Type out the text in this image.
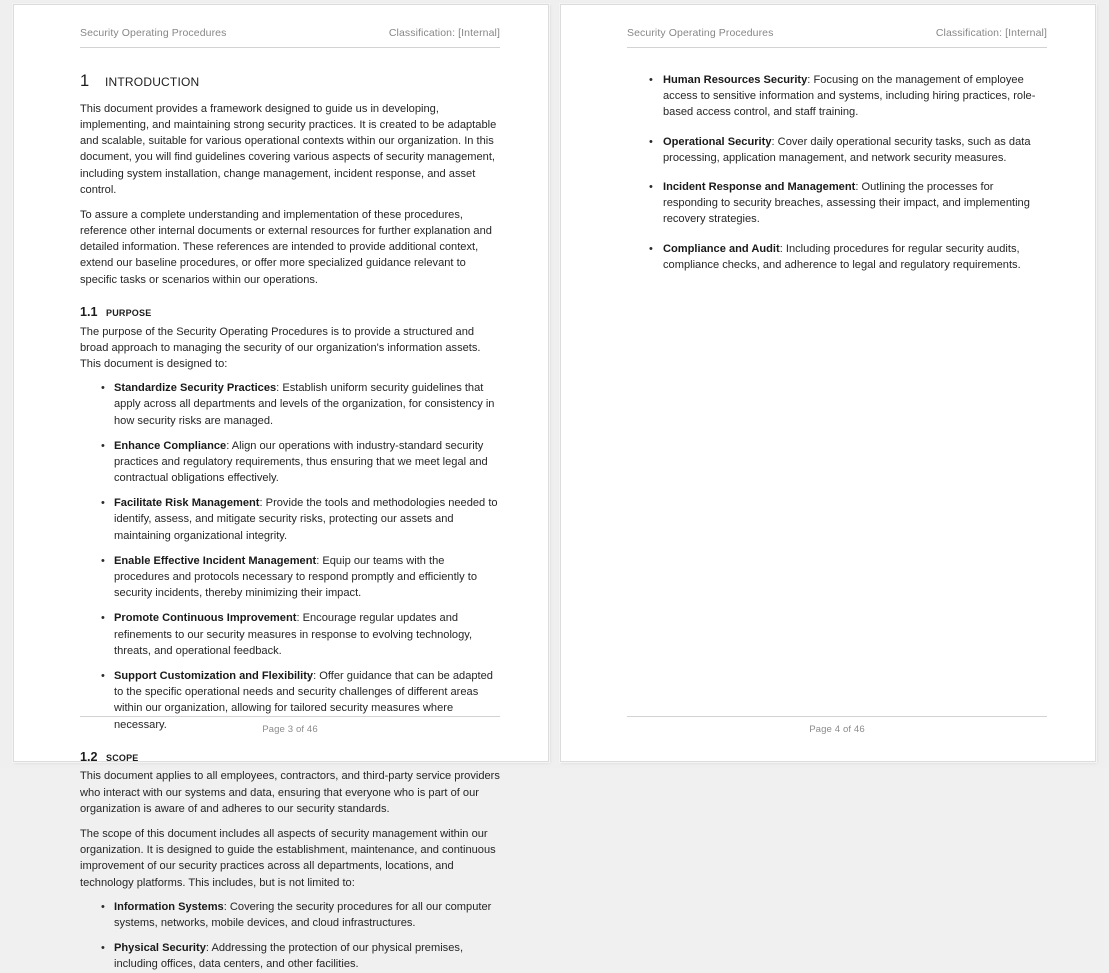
Security Operating Procedures	Classification: [Internal]
1 introduction

This document provides a framework designed to guide us in developing, implementing, and maintaining strong security practices. It is created to be adaptable and scalable, suitable for various operational contexts within our organization. In this document, you will find guidelines covering various aspects of security management, including system installation, change management, incident response, and asset control.

To assure a complete understanding and implementation of these procedures, reference other internal documents or external resources for further explanation and detailed information. These references are intended to provide additional context, extend our baseline procedures, or offer more specialized guidance relevant to specific tasks or scenarios within our operations.

1.1 purpose

The purpose of the Security Operating Procedures is to provide a structured and broad approach to managing the security of our organization's information assets. This document is designed to:

• Standardize Security Practices: Establish uniform security guidelines that apply across all departments and levels of the organization, for consistency in how security risks are managed.
• Enhance Compliance: Align our operations with industry-standard security practices and regulatory requirements, thus ensuring that we meet legal and contractual obligations effectively.
• Facilitate Risk Management: Provide the tools and methodologies needed to identify, assess, and mitigate security risks, protecting our assets and maintaining organizational integrity.
• Enable Effective Incident Management: Equip our teams with the procedures and protocols necessary to respond promptly and efficiently to security incidents, thereby minimizing their impact.
• Promote Continuous Improvement: Encourage regular updates and refinements to our security measures in response to evolving technology, threats, and operational feedback.
• Support Customization and Flexibility: Offer guidance that can be adapted to the specific operational needs and security challenges of different areas within our organization, allowing for tailored security measures where necessary.
1.2 scope

This document applies to all employees, contractors, and third-party service providers who interact with our systems and data, ensuring that everyone who is part of our organization is aware of and adheres to our security standards.

The scope of this document includes all aspects of security management within our organization. It is designed to guide the establishment, maintenance, and continuous improvement of our security practices across all departments, locations, and technology platforms. This includes, but is not limited to:

• Information Systems: Covering the security procedures for all our computer systems, networks, mobile devices, and cloud infrastructures.
• Physical Security: Addressing the protection of our physical premises, including offices, data centers, and other facilities.
Page 3 of 46
Security Operating Procedures	Classification: [Internal]
• Human Resources Security: Focusing on the management of employee access to sensitive information and systems, including hiring practices, role-based access control, and staff training.
• Operational Security: Cover daily operational security tasks, such as data processing, application management, and network security measures.
• Incident Response and Management: Outlining the processes for responding to security breaches, assessing their impact, and implementing recovery strategies.
• Compliance and Audit: Including procedures for regular security audits, compliance checks, and adherence to legal and regulatory requirements.
Page 4 of 46
